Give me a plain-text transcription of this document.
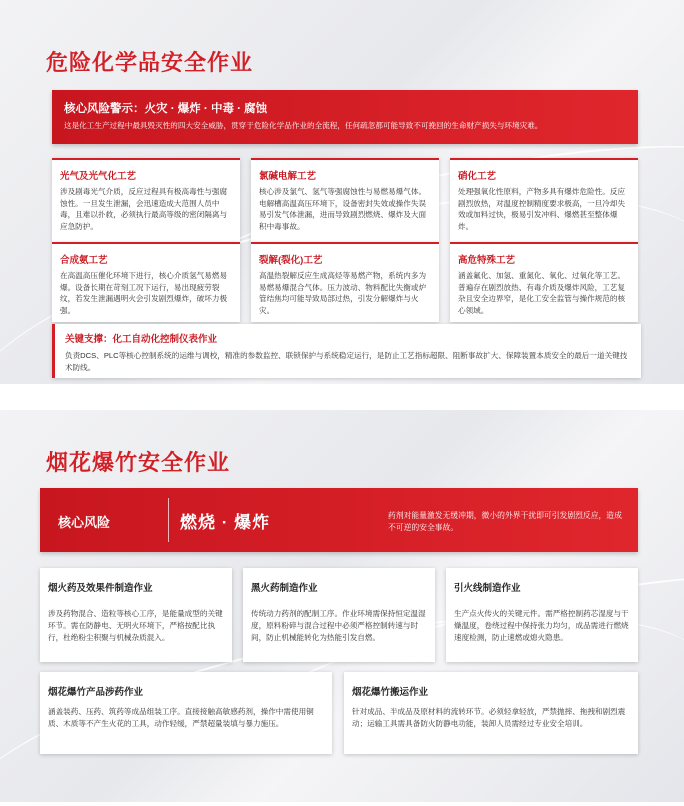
危险化学品安全作业
核心风险警示：火灾 · 爆炸 · 中毒 · 腐蚀
这是化工生产过程中最具毁灭性的四大安全威胁，贯穿于危险化学品作业的全流程，任何疏忽都可能导致不可挽回的生命财产损失与环境灾难。
光气及光气化工艺
涉及剧毒光气介质，反应过程具有极高毒性与强腐蚀性。一旦发生泄漏，会迅速造成大范围人员中毒，且难以扑救，必须执行最高等级的密闭隔离与应急防护。
氯碱电解工艺
核心涉及氯气、氢气等强腐蚀性与易燃易爆气体。电解槽高温高压环境下，设备密封失效或操作失误易引发气体泄漏，进而导致剧烈燃烧、爆炸及大面积中毒事故。
硝化工艺
处理强氧化性原料，产物多具有爆炸危险性。反应剧烈放热，对温度控制精度要求极高，一旦冷却失效或加料过快，极易引发冲料、爆燃甚至整体爆炸。
合成氨工艺
在高温高压催化环境下进行，核心介质氢气易燃易爆。设备长期在苛刻工况下运行，易出现疲劳裂纹，若发生泄漏遇明火会引发剧烈爆炸，破坏力极强。
裂解(裂化)工艺
高温热裂解反应生成高烃等易燃产物，系统内多为易燃易爆混合气体。压力波动、物料配比失衡或炉管结焦均可能导致局部过热，引发分解爆炸与火灾。
高危特殊工艺
涵盖氟化、加氢、重氮化、氧化、过氧化等工艺。普遍存在剧烈放热、有毒介质及爆炸风险，工艺复杂且安全边界窄，是化工安全监管与操作规范的核心领域。
关键支撑：化工自动化控制仪表作业
负责DCS、PLC等核心控制系统的运维与调校，精准的参数监控、联锁保护与系统稳定运行，是防止工艺指标超限、阻断事故扩大、保障装置本质安全的最后一道关键技术防线。
烟花爆竹安全作业
核心风险	燃烧 · 爆炸	药剂对能量激发无缓冲期，微小的外界干扰即可引发剧烈反应，造成不可逆的安全事故。
烟火药及效果件制造作业
涉及药物混合、造粒等核心工序，是能量成型的关键环节。需在防静电、无明火环境下，严格按配比执行，杜绝粉尘积聚与机械杂质混入。
黑火药制造作业
传统动力药剂的配制工序。作业环境需保持恒定温湿度，原料粉碎与混合过程中必须严格控制转速与时间，防止机械能转化为热能引发自燃。
引火线制造作业
生产点火传火的关键元件。需严格控制药芯湿度与干燥温度，卷绕过程中保持张力均匀，成品需进行燃烧速度检测，防止速燃或熄火隐患。
烟花爆竹产品涉药作业
涵盖装药、压药、筑药等成品组装工序。直接接触高敏感药剂，操作中需使用铜质、木质等不产生火花的工具，动作轻缓，严禁超量装填与暴力施压。
烟花爆竹搬运作业
针对成品、半成品及原材料的流转环节。必须轻拿轻放，严禁抛摔、拖拽和剧烈震动；运输工具需具备防火防静电功能，装卸人员需经过专业安全培训。
